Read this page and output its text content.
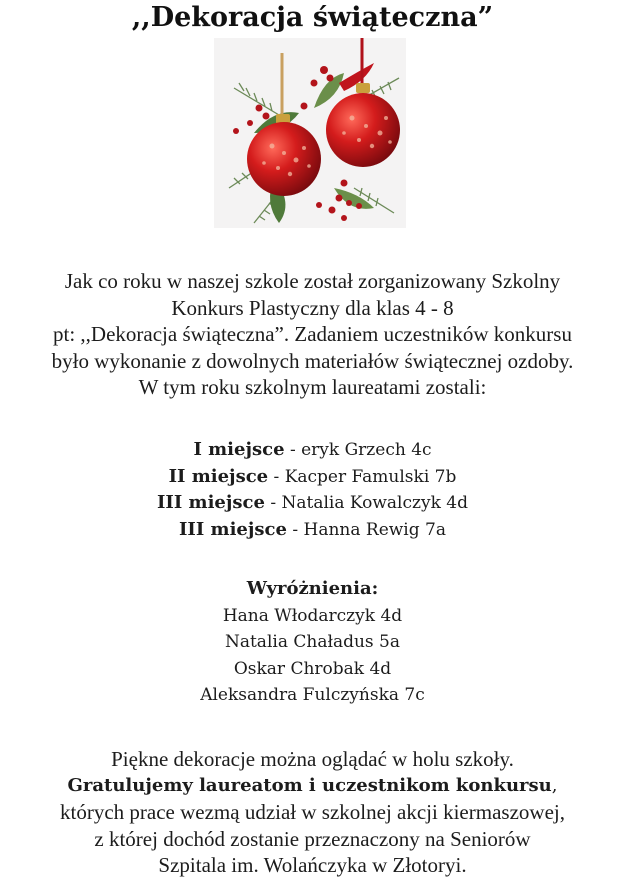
,,Dekoracja świąteczna”
Jak co roku w naszej szkole został zorganizowany Szkolny
Konkurs Plastyczny dla klas 4 - 8
pt: ,,Dekoracja świąteczna”. Zadaniem uczestników konkursu
było wykonanie z dowolnych materiałów świątecznej ozdoby.
W tym roku szkolnym laureatami zostali:
I miejsce - eryk Grzech 4c
II miejsce - Kacper Famulski 7b
III miejsce - Natalia Kowalczyk 4d
III miejsce - Hanna Rewig 7a
Wyróżnienia:
Hana Włodarczyk 4d
Natalia Chaładus 5a
Oskar Chrobak 4d
Aleksandra Fulczyńska 7c
Piękne dekoracje można oglądać w holu szkoły.
Gratulujemy laureatom i uczestnikom konkursu,
których prace wezmą udział w szkolnej akcji kiermaszowej,
z której dochód zostanie przeznaczony na Seniorów
Szpitala im. Wolańczyka w Złotoryi.
